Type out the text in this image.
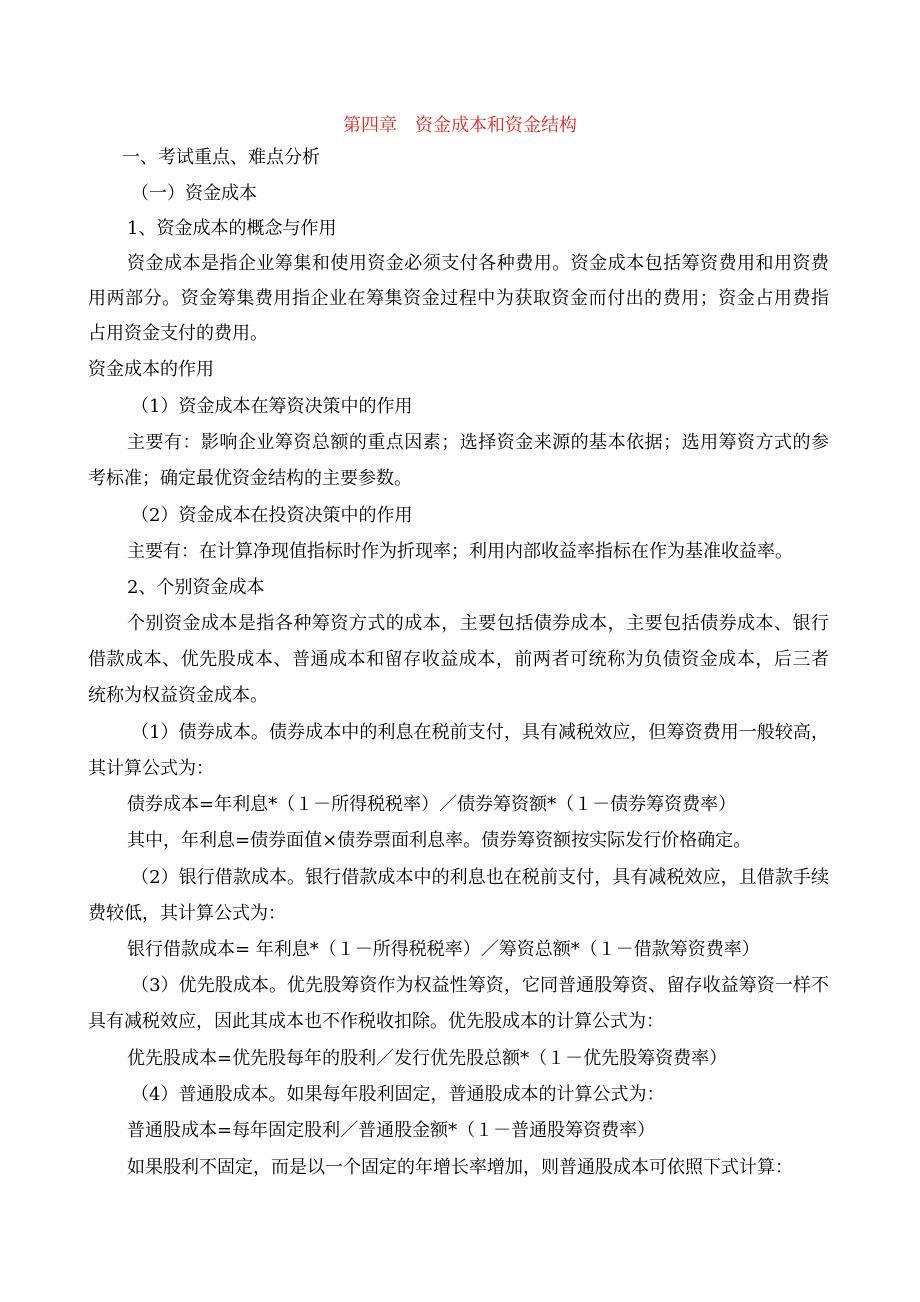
第四章　资金成本和资金结构
一、考试重点、难点分析
（一）资金成本
1、资金成本的概念与作用
资金成本是指企业筹集和使用资金必须支付各种费用。资金成本包括筹资费用和用资费
用两部分。资金筹集费用指企业在筹集资金过程中为获取资金而付出的费用；资金占用费指
占用资金支付的费用。
资金成本的作用
（1）资金成本在筹资决策中的作用
主要有：影响企业筹资总额的重点因素；选择资金来源的基本依据；选用筹资方式的参
考标准；确定最优资金结构的主要参数。
（2）资金成本在投资决策中的作用
主要有：在计算净现值指标时作为折现率；利用内部收益率指标在作为基准收益率。
2、个别资金成本
个别资金成本是指各种筹资方式的成本，主要包括债券成本，主要包括债券成本、银行
借款成本、优先股成本、普通成本和留存收益成本，前两者可统称为负债资金成本，后三者
统称为权益资金成本。
（1）债券成本。债券成本中的利息在税前支付，具有减税效应，但筹资费用一般较高，
其计算公式为：
债券成本=年利息*（１－所得税税率）／债券筹资额*（１－债券筹资费率）
其中，年利息=债券面值×债券票面利息率。债券筹资额按实际发行价格确定。
（2）银行借款成本。银行借款成本中的利息也在税前支付，具有减税效应，且借款手续
费较低，其计算公式为：
银行借款成本= 年利息*（１－所得税税率）／筹资总额*（１－借款筹资费率）
（3）优先股成本。优先股筹资作为权益性筹资，它同普通股筹资、留存收益筹资一样不
具有减税效应，因此其成本也不作税收扣除。优先股成本的计算公式为：
优先股成本=优先股每年的股利／发行优先股总额*（１－优先股筹资费率）
（4）普通股成本。如果每年股利固定，普通股成本的计算公式为：
普通股成本=每年固定股利／普通股金额*（１－普通股筹资费率）
如果股利不固定，而是以一个固定的年增长率增加，则普通股成本可依照下式计算：
